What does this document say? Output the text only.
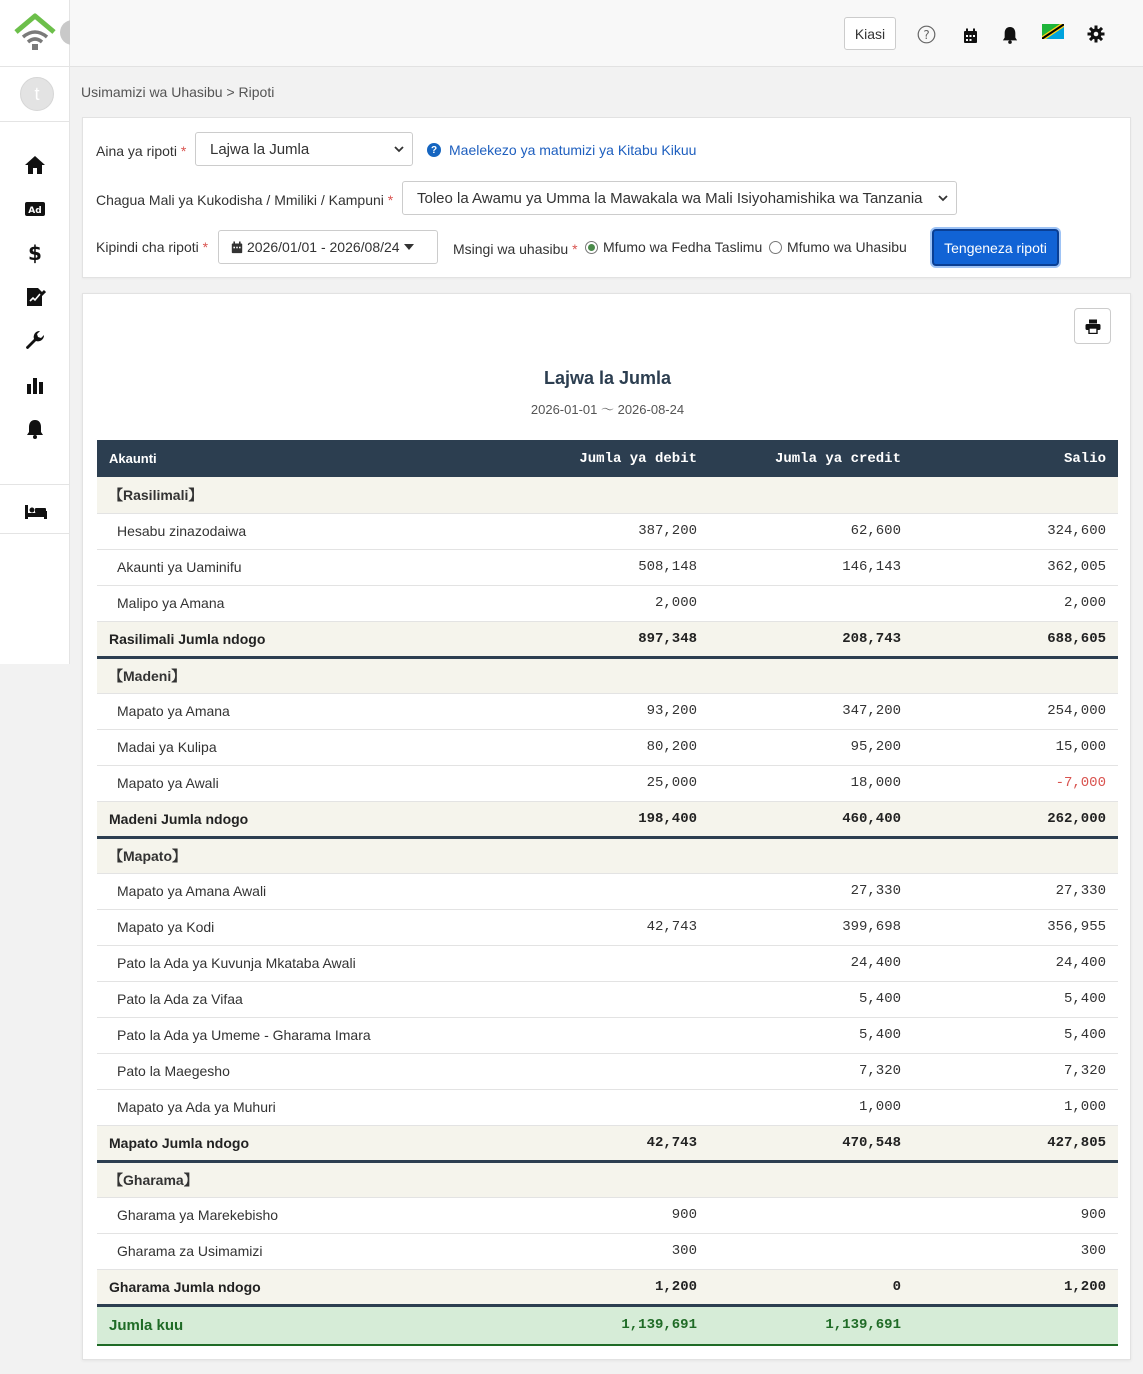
t
Ad
$
Kiasi	?
Usimamizi wa Uhasibu > Ripoti
Aina ya ripoti * Lajwa la Jumla	? Maelekezo ya matumizi ya Kitabu Kikuu
Chagua Mali ya Kukodisha / Mmiliki / Kampuni * Toleo la Awamu ya Umma la Mawakala wa Mali Isiyohamishika wa Tanzania
Kipindi cha ripoti *	2026/01/01 - 2026/08/24	Msingi wa uhasibu * Mfumo wa Fedha Taslimu Mfumo wa Uhasibu	Tengeneza ripoti
Lajwa la Jumla
2026-01-01 〜 2026-08-24
Akaunti	Jumla ya debit	Jumla ya credit	Salio
【Rasilimali】			
Hesabu zinazodaiwa	387,200	62,600	324,600
Akaunti ya Uaminifu	508,148	146,143	362,005
Malipo ya Amana	2,000		2,000
Rasilimali Jumla ndogo	897,348	208,743	688,605
【Madeni】			
Mapato ya Amana	93,200	347,200	254,000
Madai ya Kulipa	80,200	95,200	15,000
Mapato ya Awali	25,000	18,000	-7,000
Madeni Jumla ndogo	198,400	460,400	262,000
【Mapato】			
Mapato ya Amana Awali		27,330	27,330
Mapato ya Kodi	42,743	399,698	356,955
Pato la Ada ya Kuvunja Mkataba Awali		24,400	24,400
Pato la Ada za Vifaa		5,400	5,400
Pato la Ada ya Umeme - Gharama Imara		5,400	5,400
Pato la Maegesho		7,320	7,320
Mapato ya Ada ya Muhuri		1,000	1,000
Mapato Jumla ndogo	42,743	470,548	427,805
【Gharama】			
Gharama ya Marekebisho	900		900
Gharama za Usimamizi	300		300
Gharama Jumla ndogo	1,200	0	1,200
Jumla kuu	1,139,691	1,139,691	
